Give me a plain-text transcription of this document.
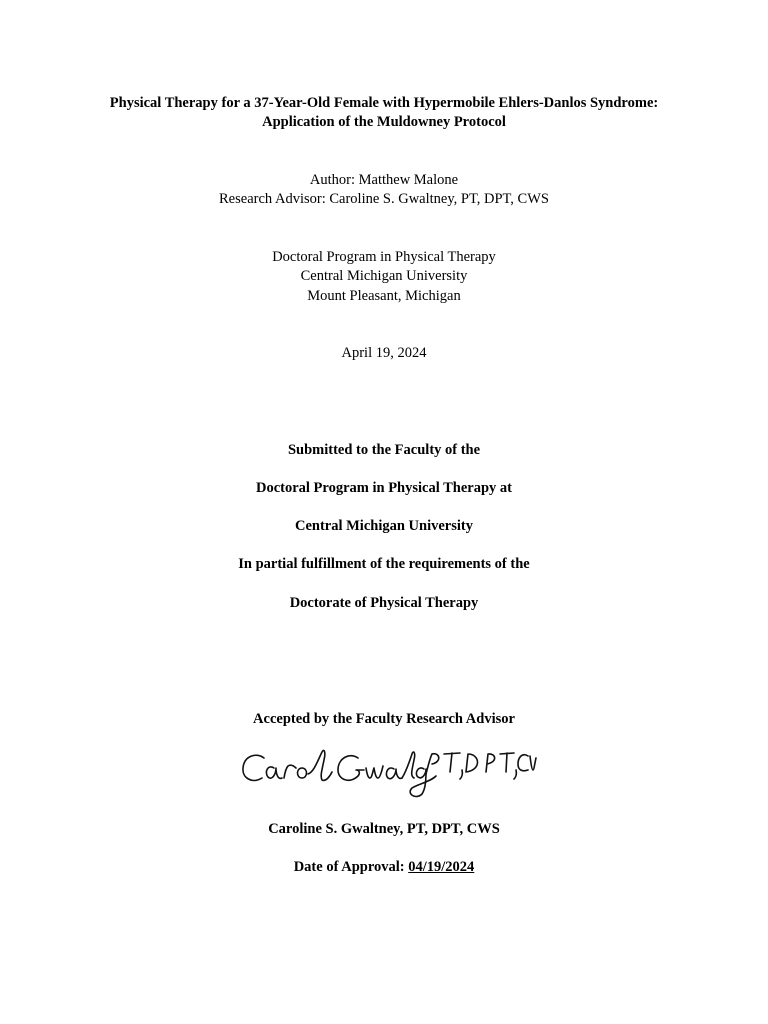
Physical Therapy for a 37-Year-Old Female with Hypermobile Ehlers-Danlos Syndrome:
Application of the Muldowney Protocol
Author: Matthew Malone
Research Advisor: Caroline S. Gwaltney, PT, DPT, CWS
Doctoral Program in Physical Therapy
Central Michigan University
Mount Pleasant, Michigan
April 19, 2024
Submitted to the Faculty of the
Doctoral Program in Physical Therapy at
Central Michigan University
In partial fulfillment of the requirements of the
Doctorate of Physical Therapy
Accepted by the Faculty Research Advisor
Caroline S. Gwaltney, PT, DPT, CWS
Date of Approval: 04/19/2024
